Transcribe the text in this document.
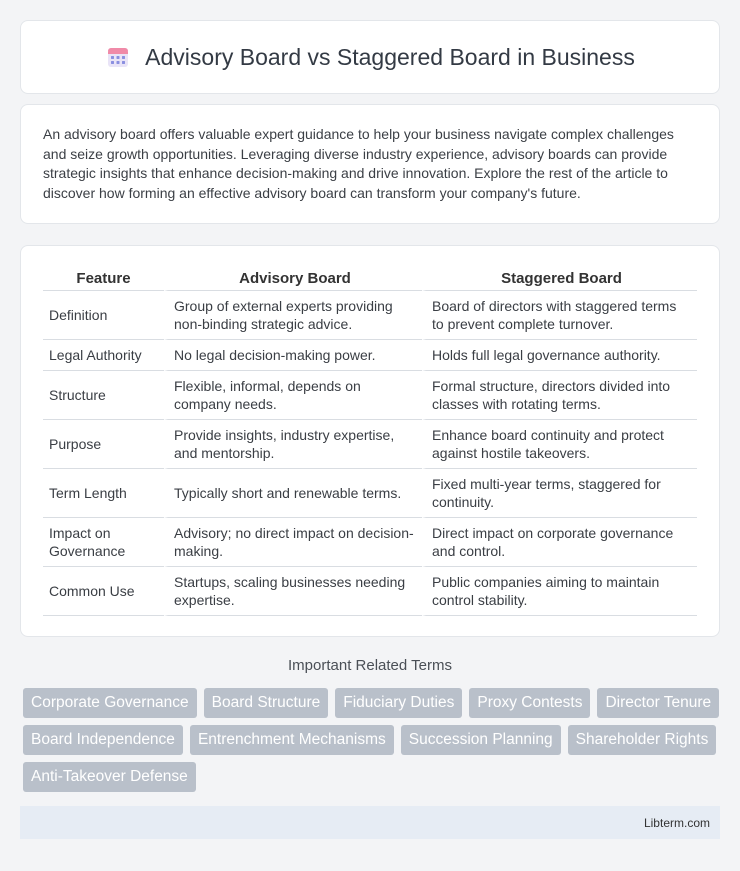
Advisory Board vs Staggered Board in Business

An advisory board offers valuable expert guidance to help your business navigate complex challenges and seize growth opportunities. Leveraging diverse industry experience, advisory boards can provide strategic insights that enhance decision-making and drive innovation. Explore the rest of the article to discover how forming an effective advisory board can transform your company's future.

Feature	Advisory Board	Staggered Board
Definition	Group of external experts providing non-binding strategic advice.	Board of directors with staggered terms to prevent complete turnover.
Legal Authority	No legal decision-making power.	Holds full legal governance authority.
Structure	Flexible, informal, depends on company needs.	Formal structure, directors divided into classes with rotating terms.
Purpose	Provide insights, industry expertise, and mentorship.	Enhance board continuity and protect against hostile takeovers.
Term Length	Typically short and renewable terms.	Fixed multi-year terms, staggered for continuity.
Impact on Governance	Advisory; no direct impact on decision-making.	Direct impact on corporate governance and control.
Common Use	Startups, scaling businesses needing expertise.	Public companies aiming to maintain control stability.
Important Related Terms
Corporate Governance	Board Structure	Fiduciary Duties	Proxy Contests	Director Tenure
Board Independence	Entrenchment Mechanisms	Succession Planning	Shareholder Rights
Anti-Takeover Defense
Libterm.com
